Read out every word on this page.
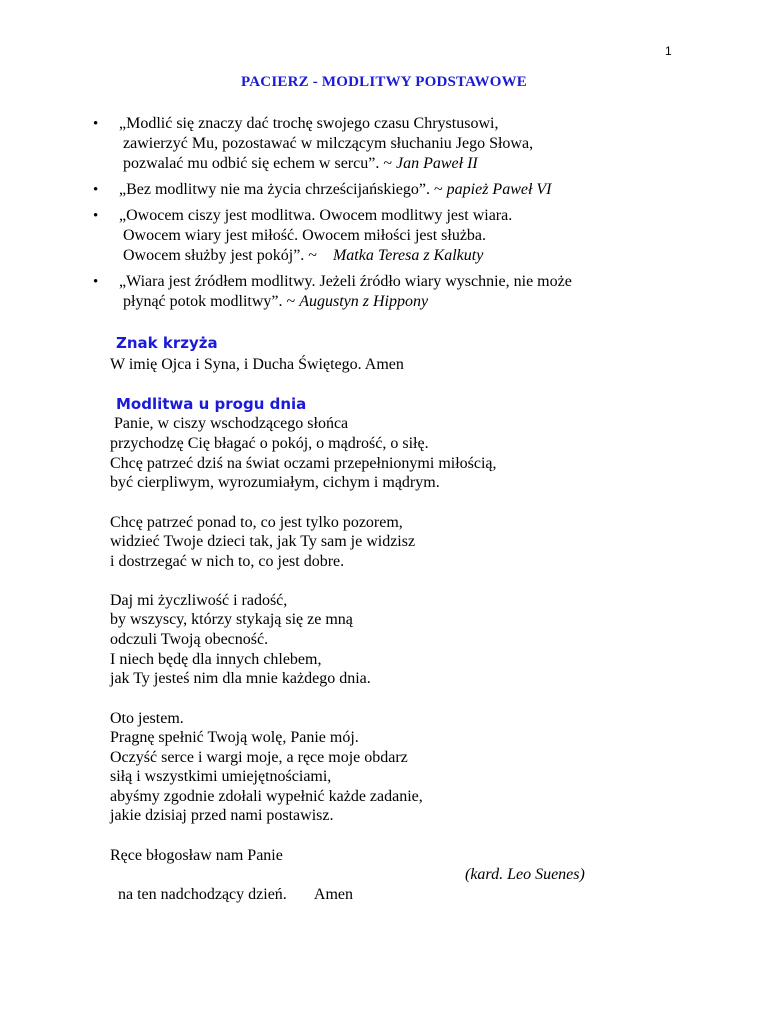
1
PACIERZ - MODLITWY PODSTAWOWE
• „Modlić się znaczy dać trochę swojego czasu Chrystusowi,
zawierzyć Mu, pozostawać w milczącym słuchaniu Jego Słowa,
pozwalać mu odbić się echem w sercu”. ~ Jan Paweł II
• „Bez modlitwy nie ma życia chrześcijańskiego”. ~ papież Paweł VI
• „Owocem ciszy jest modlitwa. Owocem modlitwy jest wiara.
Owocem wiary jest miłość. Owocem miłości jest służba.
Owocem służby jest pokój”. ~    Matka Teresa z Kalkuty
• „Wiara jest źródłem modlitwy. Jeżeli źródło wiary wyschnie, nie może
płynąć potok modlitwy”. ~ Augustyn z Hippony
Znak krzyża
W imię Ojca i Syna, i Ducha Świętego. Amen
Modlitwa u progu dnia
Panie, w ciszy wschodzącego słońca
przychodzę Cię błagać o pokój, o mądrość, o siłę.
Chcę patrzeć dziś na świat oczami przepełnionymi miłością,
być cierpliwym, wyrozumiałym, cichym i mądrym.
Chcę patrzeć ponad to, co jest tylko pozorem,
widzieć Twoje dzieci tak, jak Ty sam je widzisz
i dostrzegać w nich to, co jest dobre.
Daj mi życzliwość i radość,
by wszyscy, którzy stykają się ze mną
odczuli Twoją obecność.
I niech będę dla innych chlebem,
jak Ty jesteś nim dla mnie każdego dnia.
Oto jestem.
Pragnę spełnić Twoją wolę, Panie mój.
Oczyść serce i wargi moje, a ręce moje obdarz
siłą i wszystkimi umiejętnościami,
abyśmy zgodnie zdołali wypełnić każde zadanie,
jakie dzisiaj przed nami postawisz.
Ręce błogosław nam Panie

na ten nadchodzący dzień.       Amen

(kard. Leo Suenes)
